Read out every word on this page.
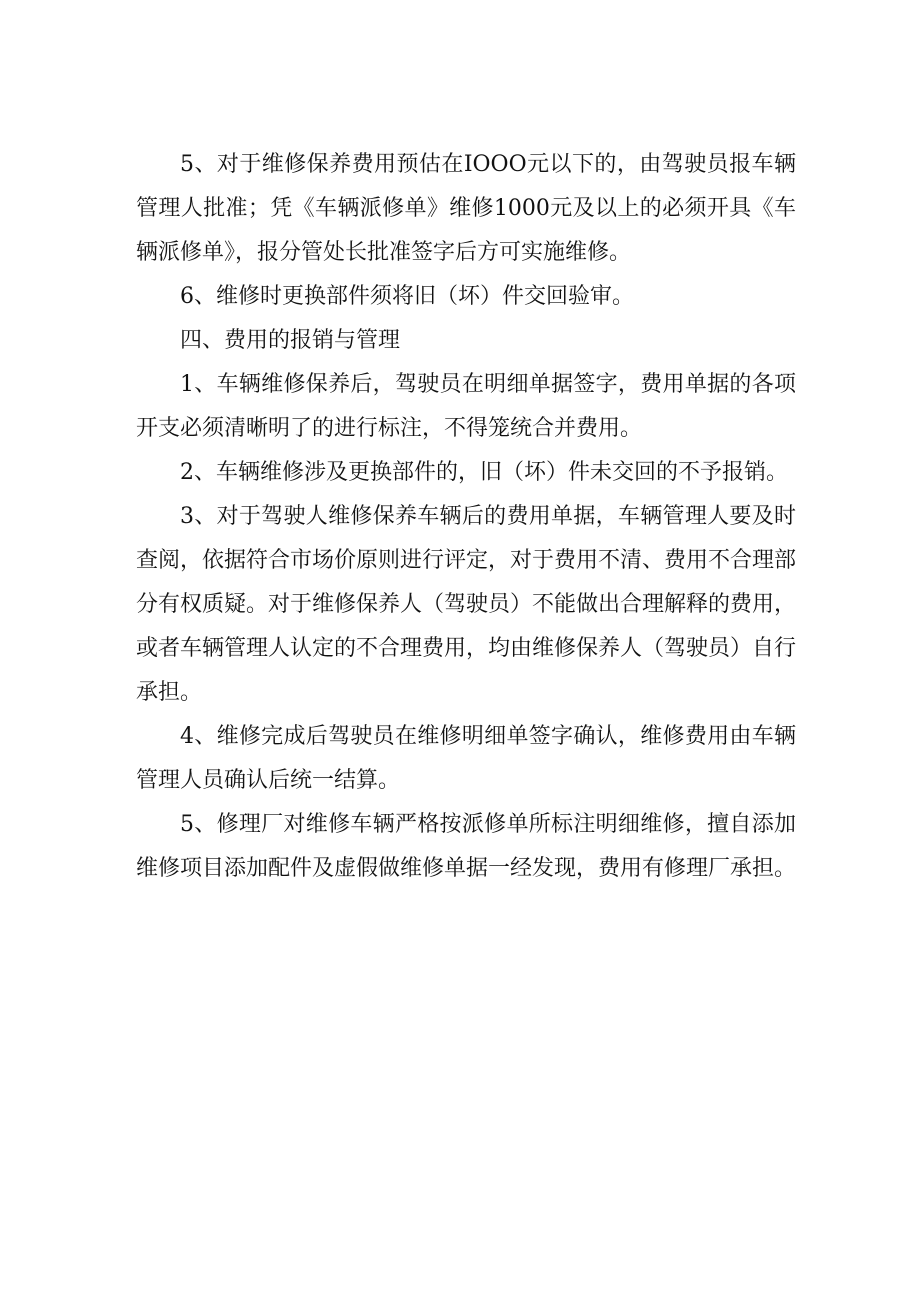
5、对于维修保养费用预估在IOOO元以下的，由驾驶员报车辆管理人批准；凭《车辆派修单》维修1000元及以上的必须开具《车辆派修单》，报分管处长批准签字后方可实施维修。

6、维修时更换部件须将旧（坏）件交回验审。

四、费用的报销与管理

1、车辆维修保养后，驾驶员在明细单据签字，费用单据的各项开支必须清晰明了的进行标注，不得笼统合并费用。

2、车辆维修涉及更换部件的，旧（坏）件未交回的不予报销。

3、对于驾驶人维修保养车辆后的费用单据，车辆管理人要及时查阅，依据符合市场价原则进行评定，对于费用不清、费用不合理部分有权质疑。对于维修保养人（驾驶员）不能做出合理解释的费用，或者车辆管理人认定的不合理费用，均由维修保养人（驾驶员）自行承担。

4、维修完成后驾驶员在维修明细单签字确认，维修费用由车辆管理人员确认后统一结算。

5、修理厂对维修车辆严格按派修单所标注明细维修，擅自添加维修项目添加配件及虚假做维修单据一经发现，费用有修理厂承担。
